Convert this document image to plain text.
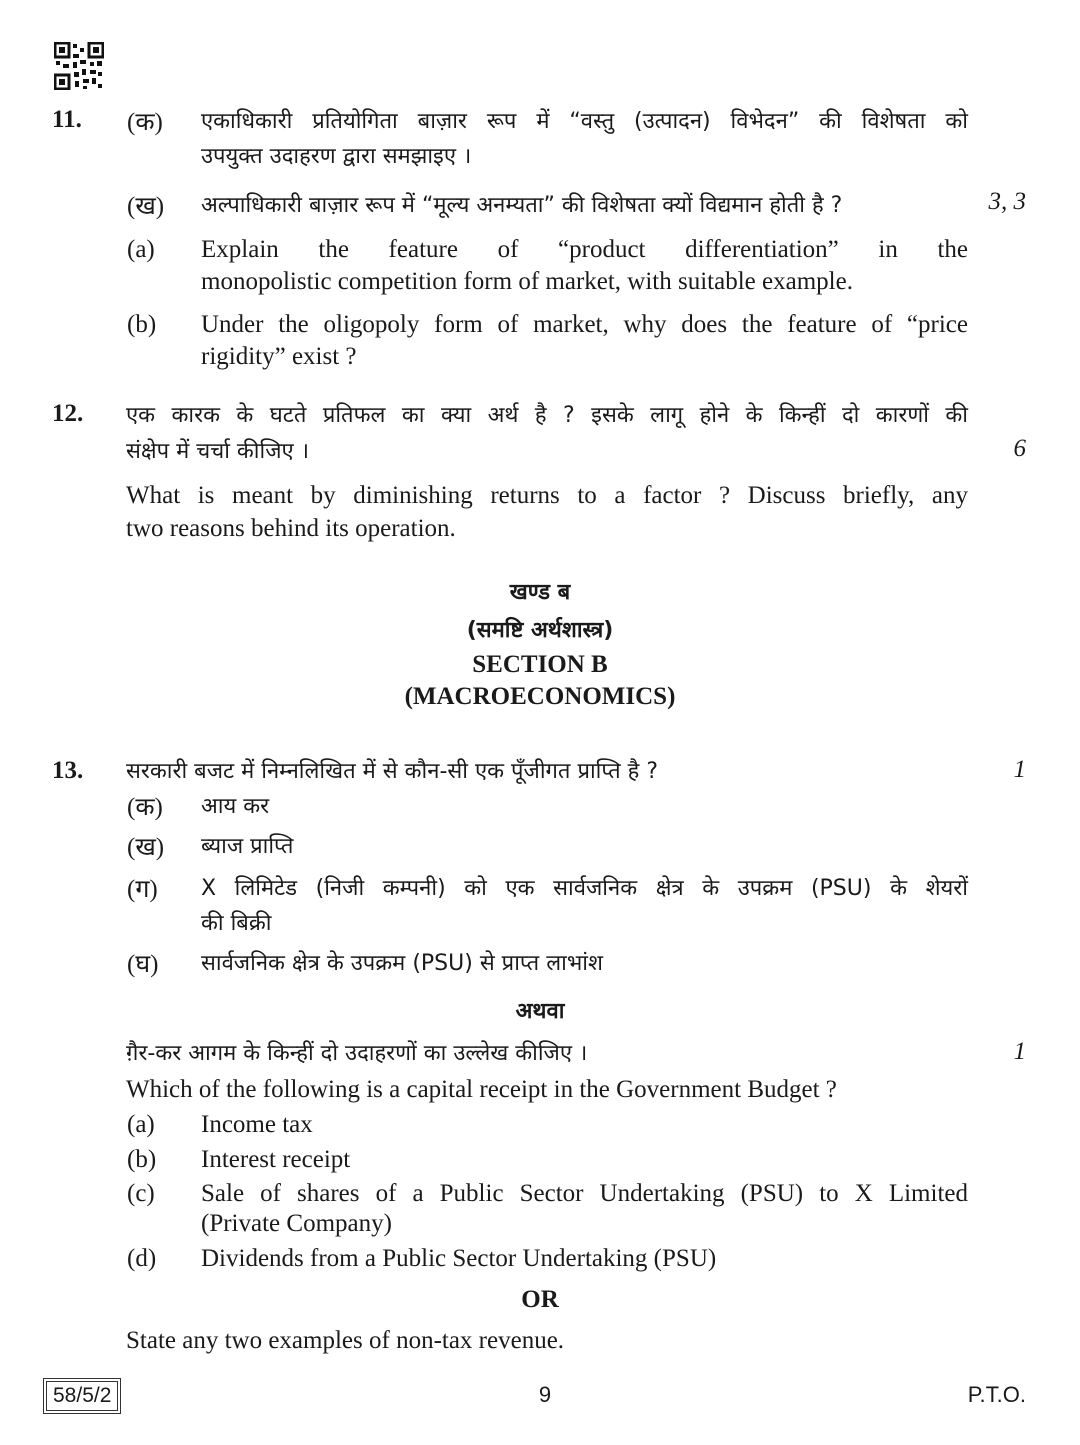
11. (क) एकाधिकारी प्रतियोगिता बाज़ार रूप में “वस्तु (उत्पादन) विभेदन” की विशेषता को
उपयुक्त उदाहरण द्वारा समझाइए ।
(ख) अल्पाधिकारी बाज़ार रूप में “मूल्य अनम्यता” की विशेषता क्यों विद्यमान होती है ?	3, 3
(a) Explain the feature of “product differentiation” in the
monopolistic competition form of market, with suitable example.
(b) Under the oligopoly form of market, why does the feature of “price
rigidity” exist ?
12. एक कारक के घटते प्रतिफल का क्या अर्थ है ? इसके लागू होने के किन्हीं दो कारणों की
संक्षेप में चर्चा कीजिए ।	6
What is meant by diminishing returns to a factor ? Discuss briefly, any
two reasons behind its operation.
खण्ड ब
(समष्टि अर्थशास्त्र)
SECTION B
(MACROECONOMICS)
13. सरकारी बजट में निम्नलिखित में से कौन-सी एक पूँजीगत प्राप्ति है ?	1
(क) आय कर
(ख) ब्याज प्राप्ति
(ग) X लिमिटेड (निजी कम्पनी) को एक सार्वजनिक क्षेत्र के उपक्रम (PSU) के शेयरों
की बिक्री
(घ) सार्वजनिक क्षेत्र के उपक्रम (PSU) से प्राप्त लाभांश
अथवा
ग़ैर-कर आगम के किन्हीं दो उदाहरणों का उल्लेख कीजिए ।	1
Which of the following is a capital receipt in the Government Budget ?
(a) Income tax
(b) Interest receipt
(c) Sale of shares of a Public Sector Undertaking (PSU) to X Limited
(Private Company)
(d) Dividends from a Public Sector Undertaking (PSU)
OR
State any two examples of non-tax revenue.
58/5/2	9	P.T.O.
